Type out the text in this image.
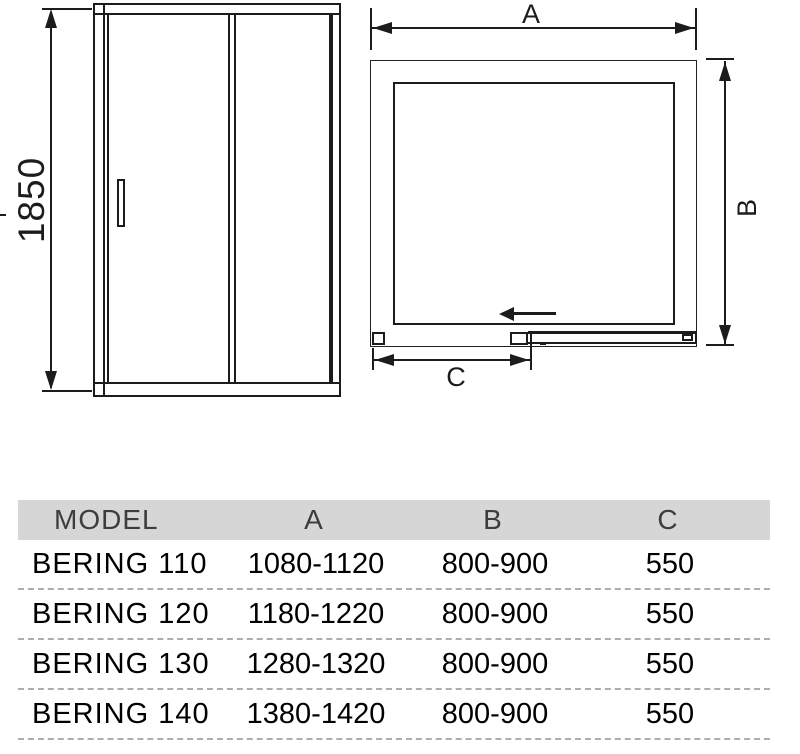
1850
A
C
B
MODEL	A	B	C
BERING 110	1080-1120	800-900	550
BERING 120	1180-1220	800-900	550
BERING 130	1280-1320	800-900	550
BERING 140	1380-1420	800-900	550
